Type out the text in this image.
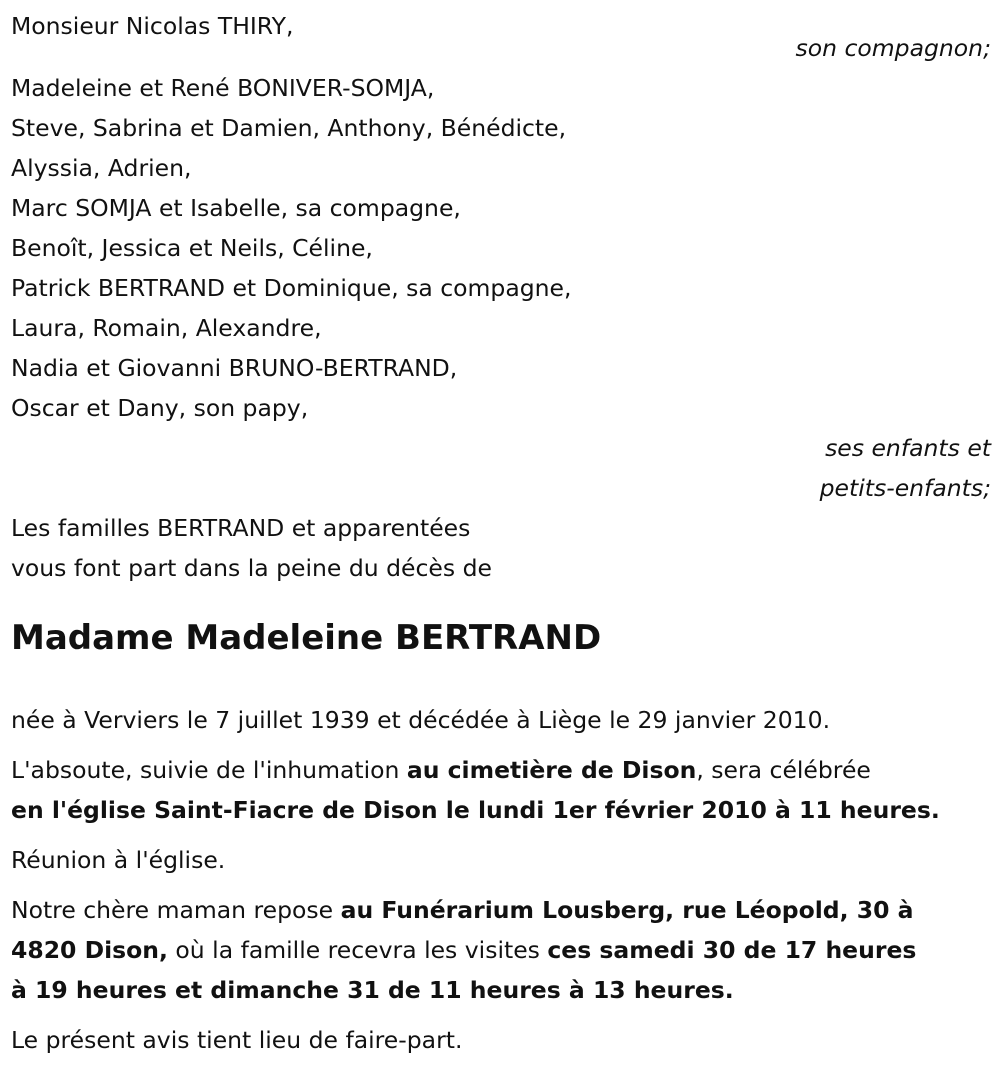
Monsieur Nicolas THIRY,
son compagnon;
Madeleine et René BONIVER-SOMJA,
Steve, Sabrina et Damien, Anthony, Bénédicte,
Alyssia, Adrien,
Marc SOMJA et Isabelle, sa compagne,
Benoît, Jessica et Neils, Céline,
Patrick BERTRAND et Dominique, sa compagne,
Laura, Romain, Alexandre,
Nadia et Giovanni BRUNO-BERTRAND,
Oscar et Dany, son papy,
ses enfants et
petits-enfants;
Les familles BERTRAND et apparentées
vous font part dans la peine du décès de
Madame Madeleine BERTRAND
née à Verviers le 7 juillet 1939 et décédée à Liège le 29 janvier 2010.
L'absoute, suivie de l'inhumation au cimetière de Dison, sera célébrée
en l'église Saint-Fiacre de Dison le lundi 1er février 2010 à 11 heures.
Réunion à l'église.
Notre chère maman repose au Funérarium Lousberg, rue Léopold, 30 à
4820 Dison, où la famille recevra les visites ces samedi 30 de 17 heures
à 19 heures et dimanche 31 de 11 heures à 13 heures.
Le présent avis tient lieu de faire-part.
